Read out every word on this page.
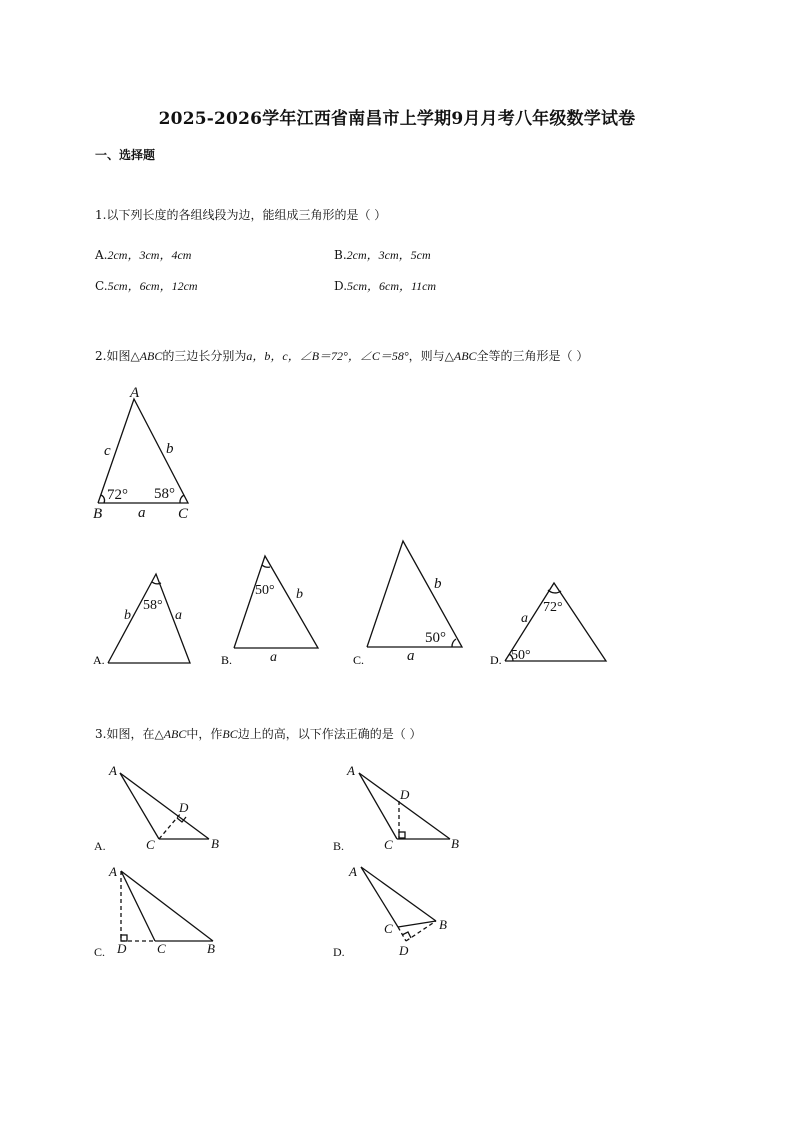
2025-2026学年江西省南昌市上学期9月月考八年级数学试卷
一、选择题
1.以下列长度的各组线段为边，能组成三角形的是（ ）
A.2cm，3cm，4cm	B.2cm，3cm，5cm
C.5cm，6cm，12cm	D.5cm，6cm，11cm
2.如图△ABC的三边长分别为a，b，c，∠B＝72°，∠C＝58°，则与△ABC全等的三角形是（ ）
A
B	C
c	b
a
72° 58°
A.
b	a
58°
B.
b
a
50°
C.
b
a
50°
D.
a
72°
50°
3.如图，在△ABC中，作BC边上的高，以下作法正确的是（ ）
A.
A
C	B
D
B.
A
C	B
D
C.
A
D C	B	D.
A
C	B
D
